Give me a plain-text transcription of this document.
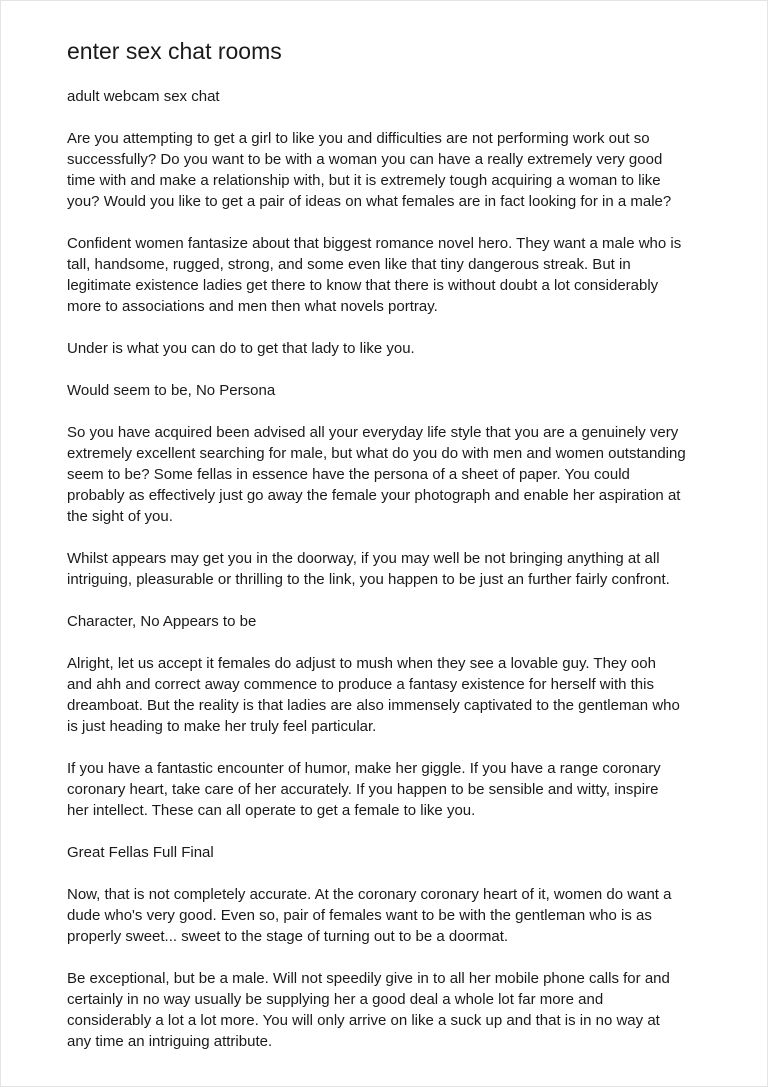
enter sex chat rooms

adult webcam sex chat

Are you attempting to get a girl to like you and difficulties are not performing work out so
successfully? Do you want to be with a woman you can have a really extremely very good
time with and make a relationship with, but it is extremely tough acquiring a woman to like
you? Would you like to get a pair of ideas on what females are in fact looking for in a male?

Confident women fantasize about that biggest romance novel hero. They want a male who is
tall, handsome, rugged, strong, and some even like that tiny dangerous streak. But in
legitimate existence ladies get there to know that there is without doubt a lot considerably
more to associations and men then what novels portray.

Under is what you can do to get that lady to like you.

Would seem to be, No Persona

So you have acquired been advised all your everyday life style that you are a genuinely very
extremely excellent searching for male, but what do you do with men and women outstanding
seem to be? Some fellas in essence have the persona of a sheet of paper. You could
probably as effectively just go away the female your photograph and enable her aspiration at
the sight of you.

Whilst appears may get you in the doorway, if you may well be not bringing anything at all
intriguing, pleasurable or thrilling to the link, you happen to be just an further fairly confront.

Character, No Appears to be

Alright, let us accept it females do adjust to mush when they see a lovable guy. They ooh
and ahh and correct away commence to produce a fantasy existence for herself with this
dreamboat. But the reality is that ladies are also immensely captivated to the gentleman who
is just heading to make her truly feel particular.

If you have a fantastic encounter of humor, make her giggle. If you have a range coronary
coronary heart, take care of her accurately. If you happen to be sensible and witty, inspire
her intellect. These can all operate to get a female to like you.

Great Fellas Full Final

Now, that is not completely accurate. At the coronary coronary heart of it, women do want a
dude who's very good. Even so, pair of females want to be with the gentleman who is as
properly sweet... sweet to the stage of turning out to be a doormat.

Be exceptional, but be a male. Will not speedily give in to all her mobile phone calls for and
certainly in no way usually be supplying her a good deal a whole lot far more and
considerably a lot a lot more. You will only arrive on like a suck up and that is in no way at
any time an intriguing attribute.
